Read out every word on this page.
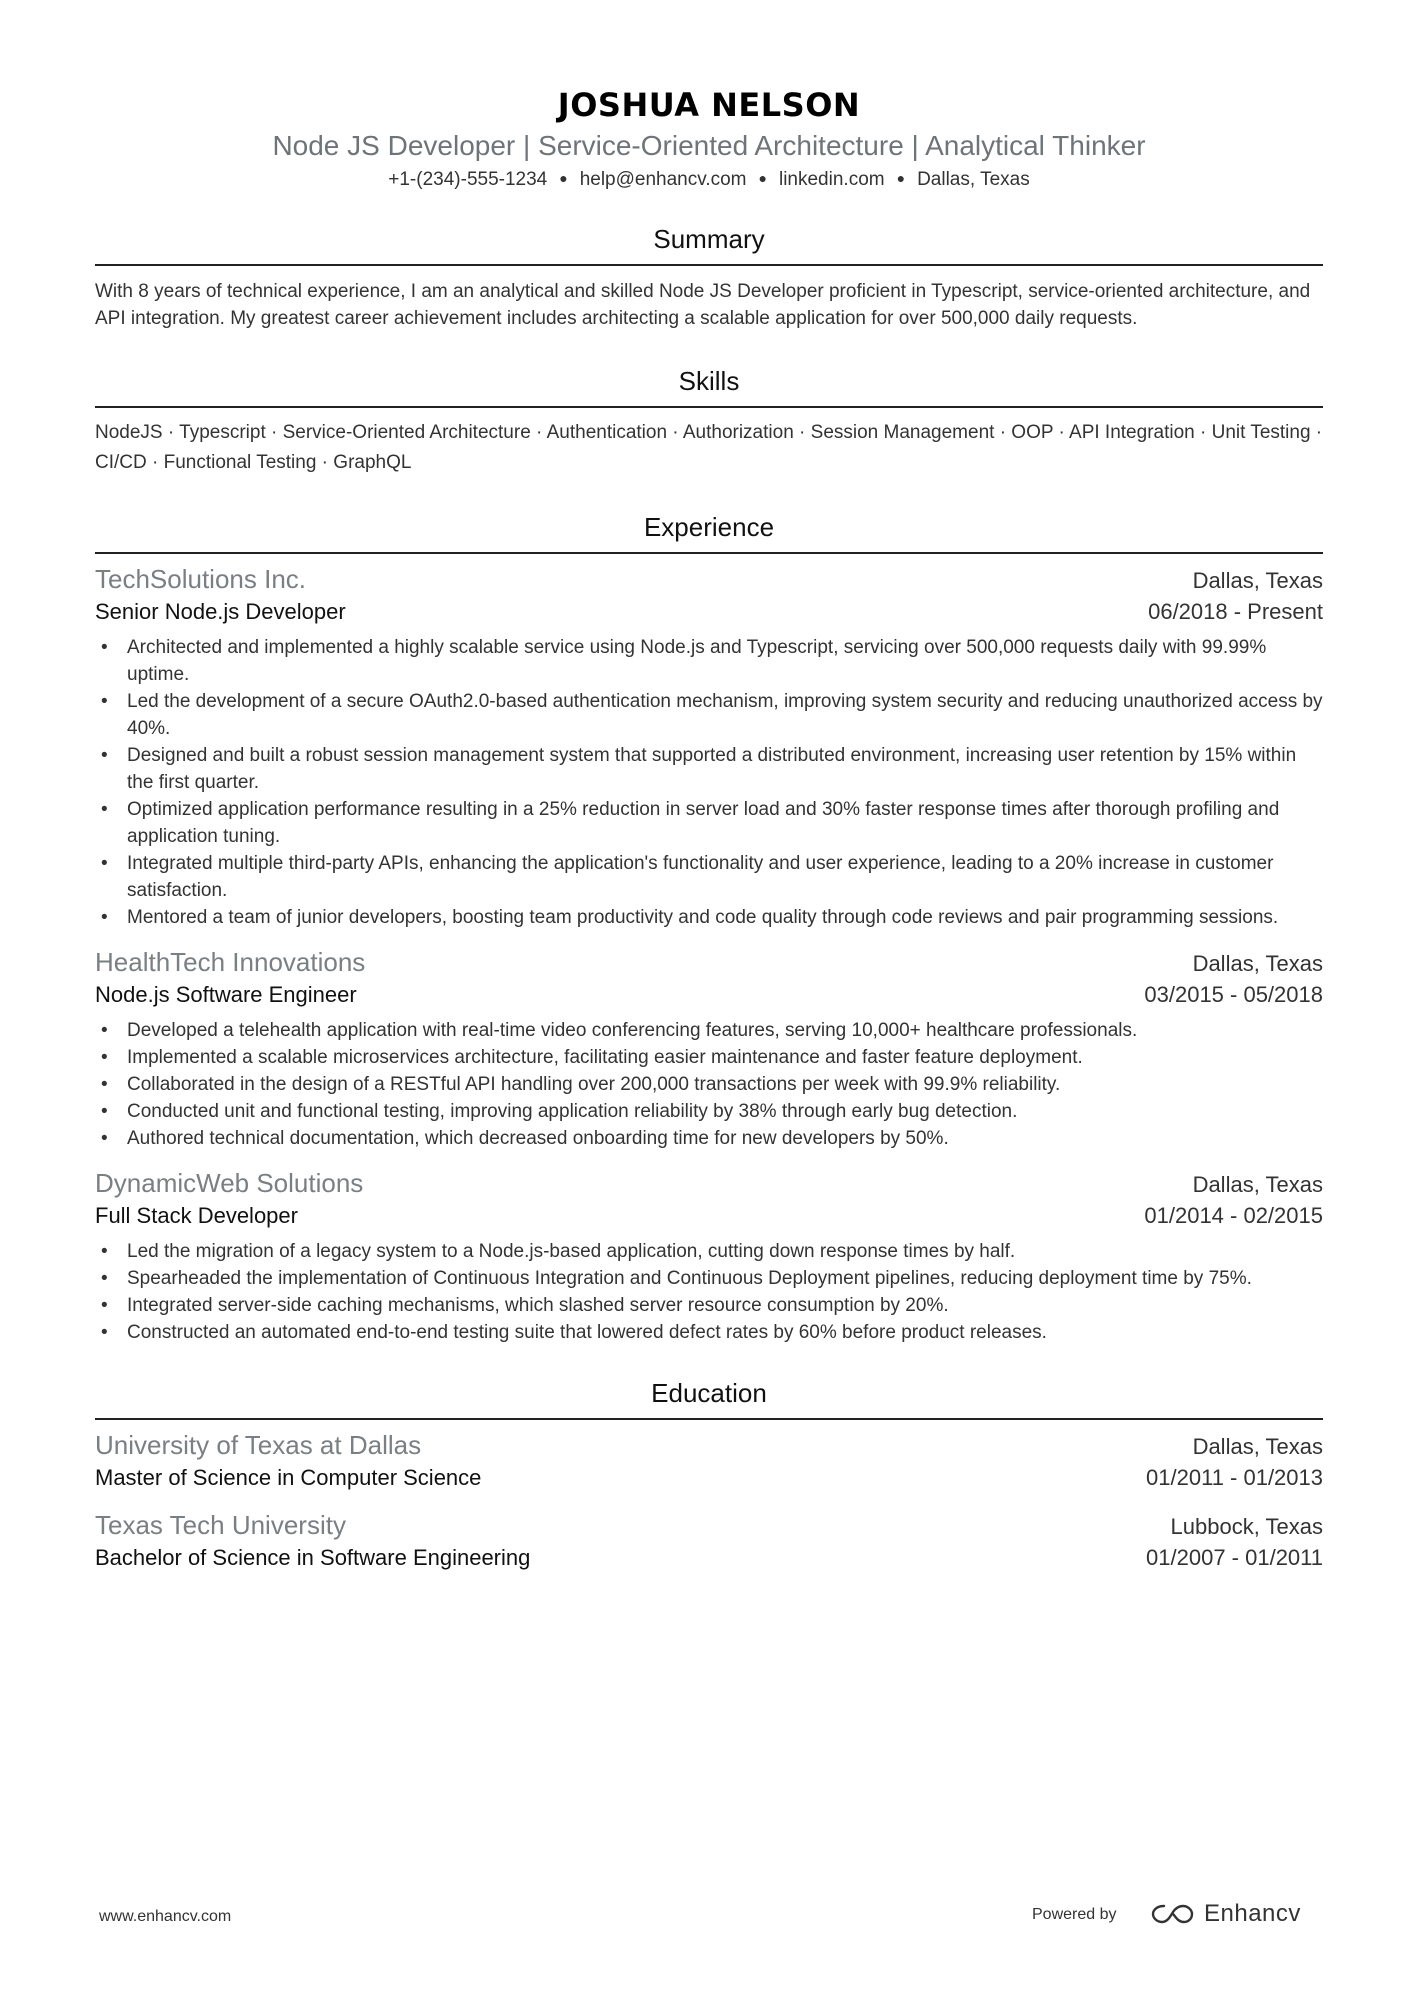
JOSHUA NELSON
Node JS Developer | Service-Oriented Architecture | Analytical Thinker
+1-(234)-555-1234 ● help@enhancv.com ● linkedin.com ● Dallas, Texas
Summary
With 8 years of technical experience, I am an analytical and skilled Node JS Developer proficient in Typescript, service-oriented architecture, and API integration. My greatest career achievement includes architecting a scalable application for over 500,000 daily requests.
Skills
NodeJS · Typescript · Service-Oriented Architecture · Authentication · Authorization · Session Management · OOP · API Integration · Unit Testing · CI/CD · Functional Testing · GraphQL
Experience
TechSolutions Inc.	Dallas, Texas
Senior Node.js Developer	06/2018 - Present
• Architected and implemented a highly scalable service using Node.js and Typescript, servicing over 500,000 requests daily with 99.99% uptime.
• Led the development of a secure OAuth2.0-based authentication mechanism, improving system security and reducing unauthorized access by 40%.
• Designed and built a robust session management system that supported a distributed environment, increasing user retention by 15% within the first quarter.
• Optimized application performance resulting in a 25% reduction in server load and 30% faster response times after thorough profiling and application tuning.
• Integrated multiple third-party APIs, enhancing the application's functionality and user experience, leading to a 20% increase in customer satisfaction.
• Mentored a team of junior developers, boosting team productivity and code quality through code reviews and pair programming sessions.
HealthTech Innovations	Dallas, Texas
Node.js Software Engineer	03/2015 - 05/2018
• Developed a telehealth application with real-time video conferencing features, serving 10,000+ healthcare professionals.
• Implemented a scalable microservices architecture, facilitating easier maintenance and faster feature deployment.
• Collaborated in the design of a RESTful API handling over 200,000 transactions per week with 99.9% reliability.
• Conducted unit and functional testing, improving application reliability by 38% through early bug detection.
• Authored technical documentation, which decreased onboarding time for new developers by 50%.
DynamicWeb Solutions	Dallas, Texas
Full Stack Developer	01/2014 - 02/2015
• Led the migration of a legacy system to a Node.js-based application, cutting down response times by half.
• Spearheaded the implementation of Continuous Integration and Continuous Deployment pipelines, reducing deployment time by 75%.
• Integrated server-side caching mechanisms, which slashed server resource consumption by 20%.
• Constructed an automated end-to-end testing suite that lowered defect rates by 60% before product releases.
Education
University of Texas at Dallas	Dallas, Texas
Master of Science in Computer Science	01/2011 - 01/2013
Texas Tech University	Lubbock, Texas
Bachelor of Science in Software Engineering	01/2007 - 01/2011
www.enhancv.com	Powered by	Enhancv
